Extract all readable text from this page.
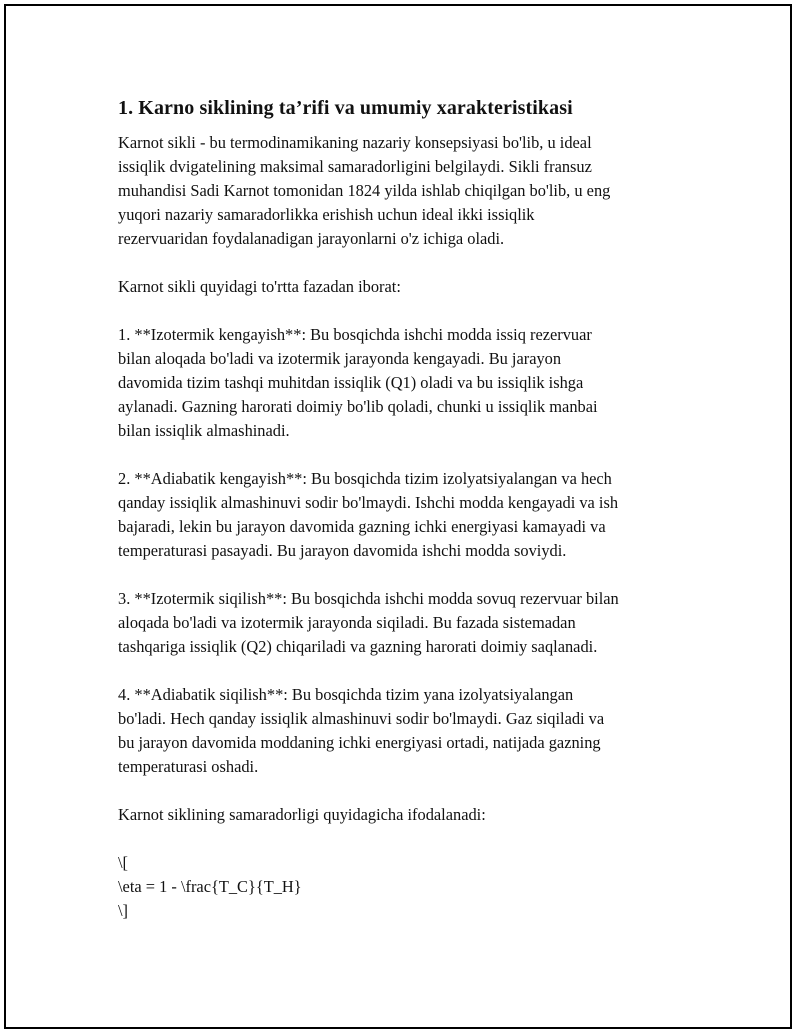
1. Karno siklining ta’rifi va umumiy xarakteristikasi

Karnot sikli - bu termodinamikaning nazariy konsepsiyasi bo'lib, u ideal

issiqlik dvigatelining maksimal samaradorligini belgilaydi. Sikli fransuz

muhandisi Sadi Karnot tomonidan 1824 yilda ishlab chiqilgan bo'lib, u eng

yuqori nazariy samaradorlikka erishish uchun ideal ikki issiqlik

rezervuaridan foydalanadigan jarayonlarni o'z ichiga oladi.

Karnot sikli quyidagi to'rtta fazadan iborat:

1. **Izotermik kengayish**: Bu bosqichda ishchi modda issiq rezervuar

bilan aloqada bo'ladi va izotermik jarayonda kengayadi. Bu jarayon

davomida tizim tashqi muhitdan issiqlik (Q1) oladi va bu issiqlik ishga

aylanadi. Gazning harorati doimiy bo'lib qoladi, chunki u issiqlik manbai

bilan issiqlik almashinadi.

2. **Adiabatik kengayish**: Bu bosqichda tizim izolyatsiyalangan va hech

qanday issiqlik almashinuvi sodir bo'lmaydi. Ishchi modda kengayadi va ish

bajaradi, lekin bu jarayon davomida gazning ichki energiyasi kamayadi va

temperaturasi pasayadi. Bu jarayon davomida ishchi modda soviydi.

3. **Izotermik siqilish**: Bu bosqichda ishchi modda sovuq rezervuar bilan

aloqada bo'ladi va izotermik jarayonda siqiladi. Bu fazada sistemadan

tashqariga issiqlik (Q2) chiqariladi va gazning harorati doimiy saqlanadi.

4. **Adiabatik siqilish**: Bu bosqichda tizim yana izolyatsiyalangan

bo'ladi. Hech qanday issiqlik almashinuvi sodir bo'lmaydi. Gaz siqiladi va

bu jarayon davomida moddaning ichki energiyasi ortadi, natijada gazning

temperaturasi oshadi.

Karnot siklining samaradorligi quyidagicha ifodalanadi:

\[

\eta = 1 - \frac{T_C}{T_H}

\]
